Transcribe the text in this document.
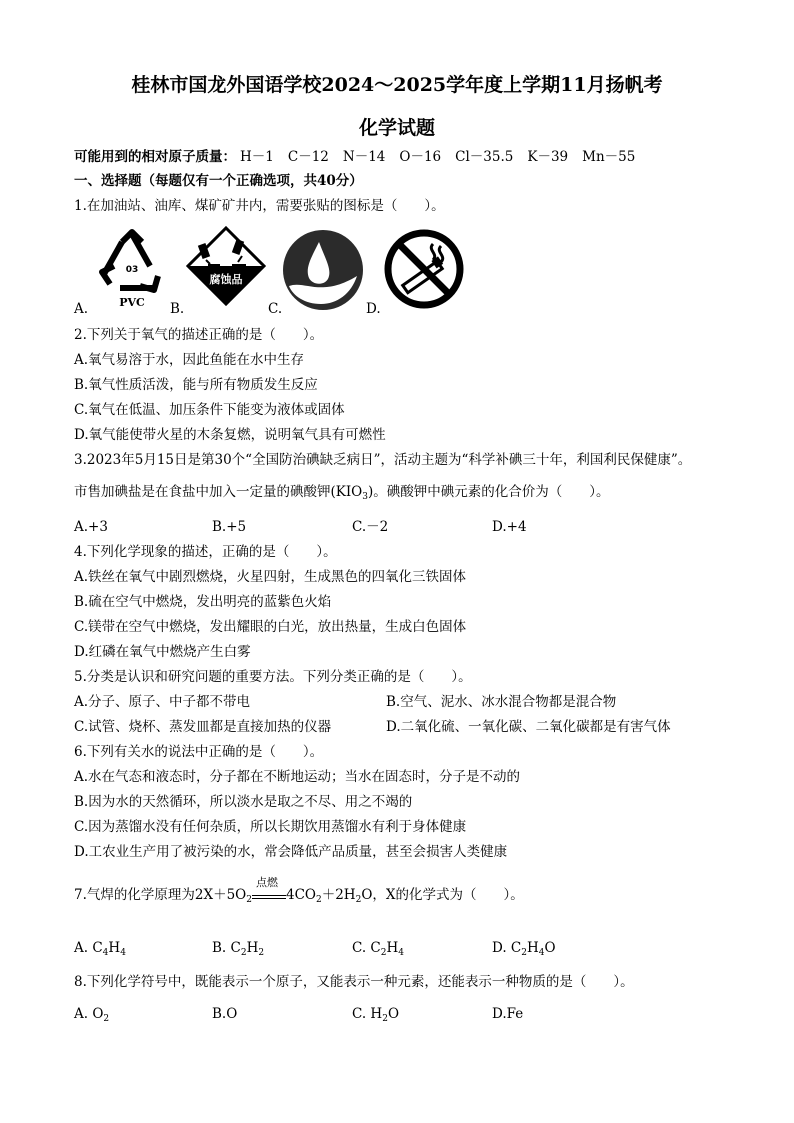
桂林市国龙外国语学校2024～2025学年度上学期11月扬帆考
化学试题
可能用到的相对原子质量： H－1 C－12 N－14 O－16 Cl－35.5 K－39 Mn－55
一、选择题（每题仅有一个正确选项，共40分）
1.在加油站、油库、煤矿矿井内，需要张贴的图标是（　　）。
A.
03
PVC B.
腐蚀品
C.	D.
2.下列关于氧气的描述正确的是（　　）。
A.氧气易溶于水，因此鱼能在水中生存
B.氧气性质活泼，能与所有物质发生反应
C.氧气在低温、加压条件下能变为液体或固体
D.氧气能使带火星的木条复燃，说明氧气具有可燃性
3.2023年5月15日是第30个“全国防治碘缺乏病日”，活动主题为“科学补碘三十年，利国利民保健康”。
市售加碘盐是在食盐中加入一定量的碘酸钾$(KIO_3)$。碘酸钾中碘元素的化合价为（　　）。
A.+3	B.+5	C.－2	D.+4
4.下列化学现象的描述，正确的是（　　）。
A.铁丝在氧气中剧烈燃烧，火星四射，生成黑色的四氧化三铁固体
B.硫在空气中燃烧，发出明亮的蓝紫色火焰
C.镁带在空气中燃烧，发出耀眼的白光，放出热量，生成白色固体
D.红磷在氧气中燃烧产生白雾
5.分类是认识和研究问题的重要方法。下列分类正确的是（　　）。
A.分子、原子、中子都不带电	B.空气、泥水、冰水混合物都是混合物
C.试管、烧杯、蒸发皿都是直接加热的仪器	D.二氧化硫、一氧化碳、二氧化碳都是有害气体
6.下列有关水的说法中正确的是（　　）。
A.水在气态和液态时，分子都在不断地运动；当水在固态时，分子是不动的
B.因为水的天然循环，所以淡水是取之不尽、用之不竭的
C.因为蒸馏水没有任何杂质，所以长期饮用蒸馏水有利于身体健康
D.工农业生产用了被污染的水，常会降低产品质量，甚至会损害人类健康
7.气焊的化学原理为$2X+5O_2$
点燃
$4CO_2+2H_2O$，X的化学式为（　　）。
A. $C_4H_4$	B. $C_2H_2$	C. $C_2H_4$	D. $C_2H_4O$
8.下列化学符号中，既能表示一个原子，又能表示一种元素，还能表示一种物质的是（　　）。
A. $O_2$	B.O	C. $H_2O$	D.Fe
